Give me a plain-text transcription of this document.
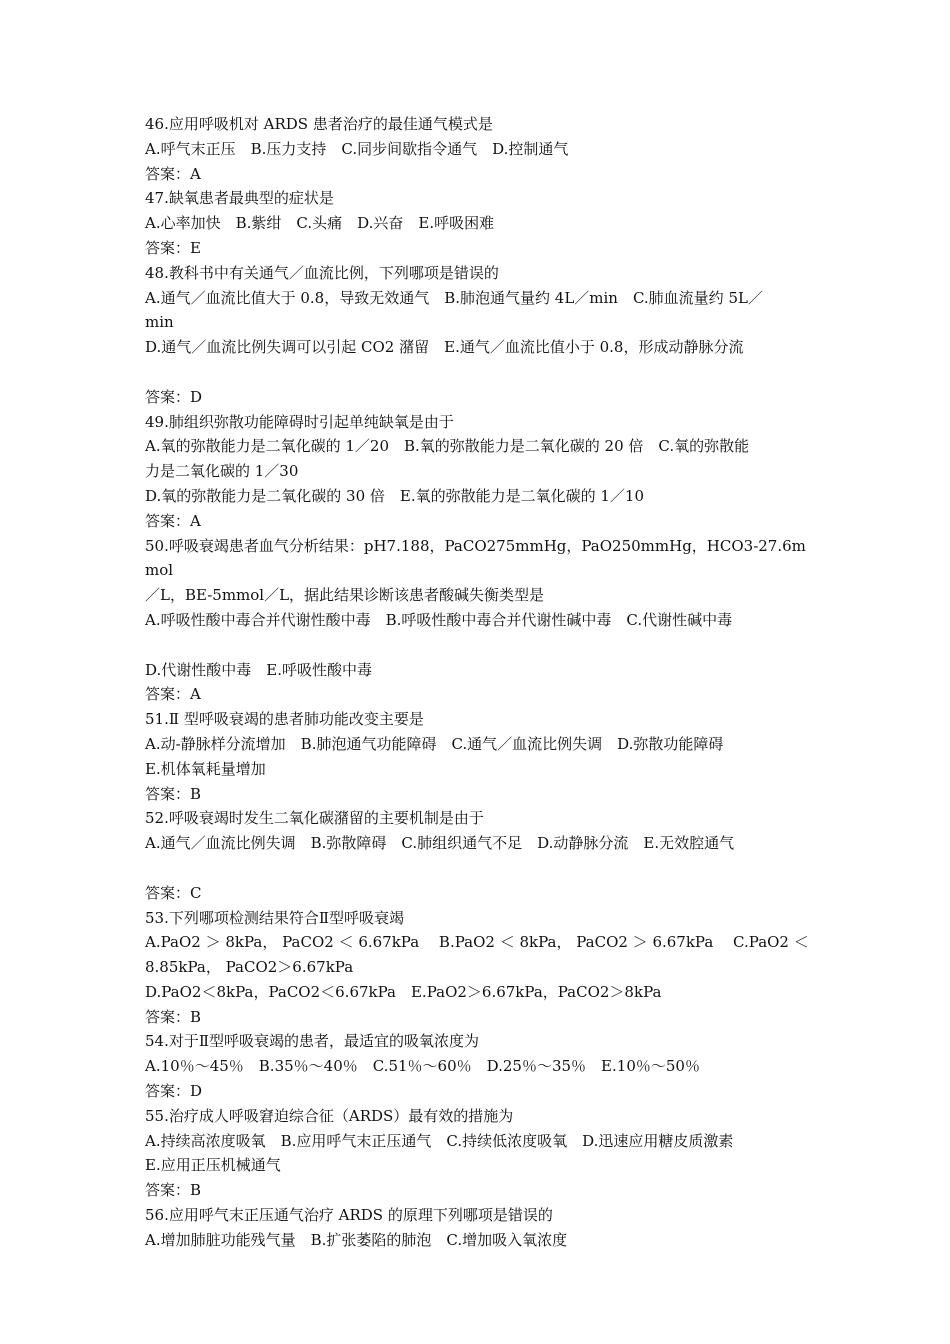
46.应用呼吸机对 ARDS 患者治疗的最佳通气模式是

A.呼气末正压　B.压力支持　C.同步间歇指令通气　D.控制通气

答案：A

47.缺氧患者最典型的症状是

A.心率加快　B.紫绀　C.头痛　D.兴奋　E.呼吸困难

答案：E

48.教科书中有关通气／血流比例，下列哪项是错误的

A.通气／血流比值大于 0.8，导致无效通气　B.肺泡通气量约 4L／min　C.肺血流量约 5L／

min

D.通气／血流比例失调可以引起 CO2 潴留　E.通气／血流比值小于 0.8，形成动静脉分流

答案：D

49.肺组织弥散功能障碍时引起单纯缺氧是由于

A.氧的弥散能力是二氧化碳的 1／20　B.氧的弥散能力是二氧化碳的 20 倍　C.氧的弥散能

力是二氧化碳的 1／30

D.氧的弥散能力是二氧化碳的 30 倍　E.氧的弥散能力是二氧化碳的 1／10

答案：A

50.呼吸衰竭患者血气分析结果：pH7.188，PaCO275mmHg，PaO250mmHg，HCO3-27.6mmol

／L，BE-5mmol／L，据此结果诊断该患者酸碱失衡类型是

A.呼吸性酸中毒合并代谢性酸中毒　B.呼吸性酸中毒合并代谢性碱中毒　C.代谢性碱中毒

D.代谢性酸中毒　E.呼吸性酸中毒

答案：A

51.Ⅱ 型呼吸衰竭的患者肺功能改变主要是

A.动-静脉样分流增加　B.肺泡通气功能障碍　C.通气／血流比例失调　D.弥散功能障碍

E.机体氧耗量增加

答案：B

52.呼吸衰竭时发生二氧化碳潴留的主要机制是由于

A.通气／血流比例失调　B.弥散障碍　C.肺组织通气不足　D.动静脉分流　E.无效腔通气

答案：C

53.下列哪项检测结果符合Ⅱ型呼吸衰竭

A.PaO2 ＞ 8kPa， PaCO2 ＜ 6.67kPa　 B.PaO2 ＜ 8kPa， PaCO2 ＞ 6.67kPa　 C.PaO2 ＜

8.85kPa， PaCO2＞6.67kPa

D.PaO2＜8kPa，PaCO2＜6.67kPa　E.PaO2＞6.67kPa，PaCO2＞8kPa

答案：B

54.对于Ⅱ型呼吸衰竭的患者，最适宜的吸氧浓度为

A.10％～45％　B.35％～40％　C.51％～60％　D.25％～35％　E.10％～50％

答案：D

55.治疗成人呼吸窘迫综合征（ARDS）最有效的措施为

A.持续高浓度吸氧　B.应用呼气末正压通气　C.持续低浓度吸氧　D.迅速应用糖皮质激素

E.应用正压机械通气

答案：B

56.应用呼气末正压通气治疗 ARDS 的原理下列哪项是错误的

A.增加肺脏功能残气量　B.扩张萎陷的肺泡　C.增加吸入氧浓度
